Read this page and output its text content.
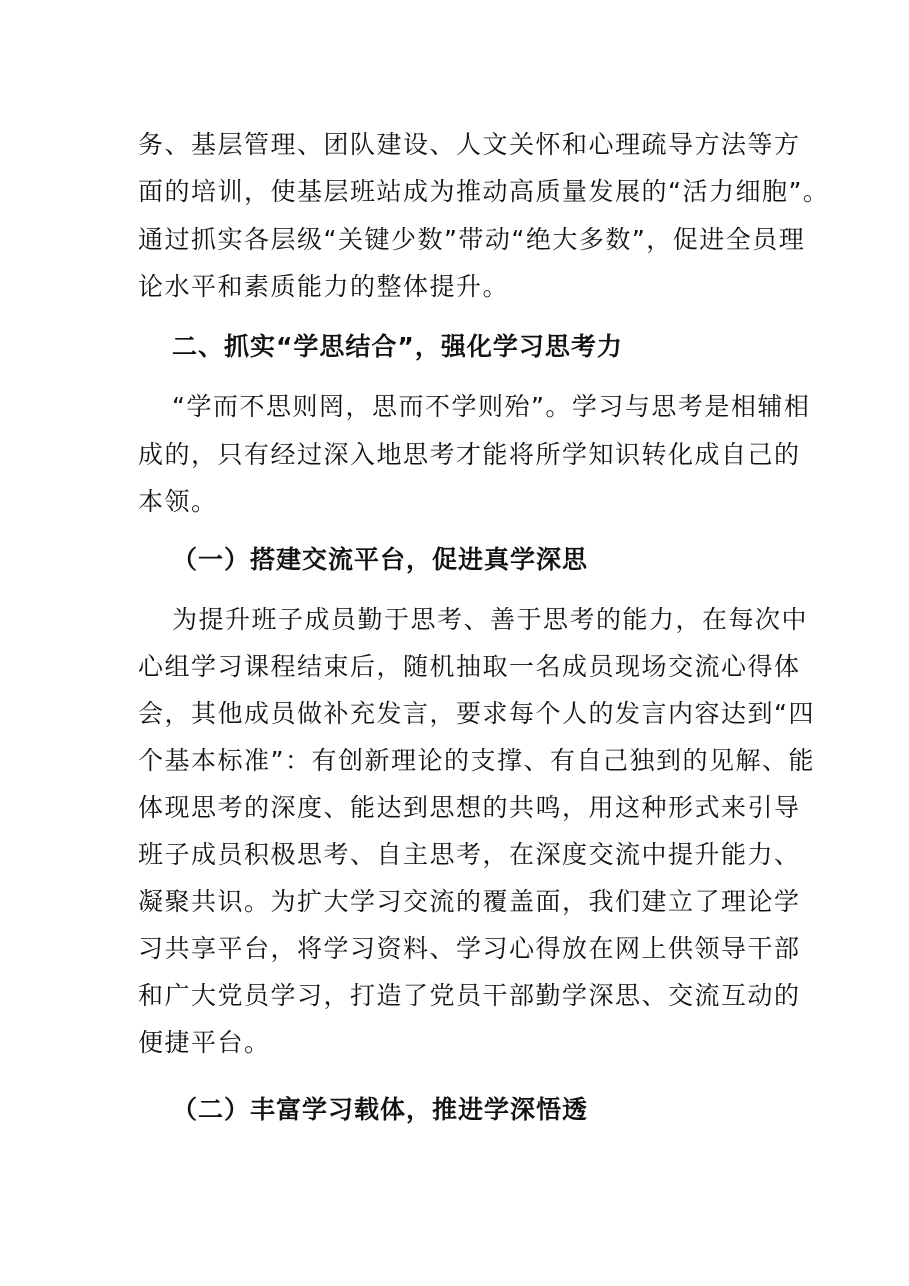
务、基层管理、团队建设、人文关怀和心理疏导方法等方
面的培训，使基层班站成为推动高质量发展的“活力细胞”。
通过抓实各层级“关键少数”带动“绝大多数”，促进全员理
论水平和素质能力的整体提升。
二、抓实“学思结合”，强化学习思考力
“学而不思则罔，思而不学则殆”。学习与思考是相辅相
成的，只有经过深入地思考才能将所学知识转化成自己的
本领。
（一）搭建交流平台，促进真学深思
为提升班子成员勤于思考、善于思考的能力，在每次中
心组学习课程结束后，随机抽取一名成员现场交流心得体
会，其他成员做补充发言，要求每个人的发言内容达到“四
个基本标准”：有创新理论的支撑、有自己独到的见解、能
体现思考的深度、能达到思想的共鸣，用这种形式来引导
班子成员积极思考、自主思考，在深度交流中提升能力、
凝聚共识。为扩大学习交流的覆盖面，我们建立了理论学
习共享平台，将学习资料、学习心得放在网上供领导干部
和广大党员学习，打造了党员干部勤学深思、交流互动的
便捷平台。
（二）丰富学习载体，推进学深悟透
